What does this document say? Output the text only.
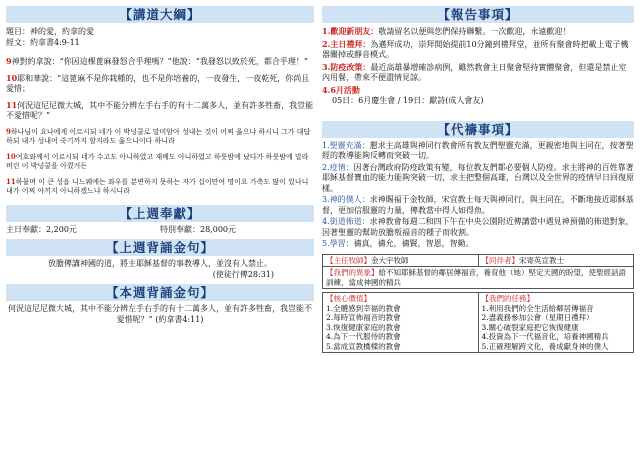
【講道大綱】

題目：神的愛，約拿的愛

經文：約拿書4:9-11

9神對約拿說：“你因這棵蓖麻發怒合乎理嗎？”他說：“我發怒以致於死，都合乎理！”
10耶和華說：“這蓖麻不是你栽種的，也不是你培養的，一夜發生，一夜乾死，你尚且愛惜；
11何況這尼尼微大城，其中不能分辨左手右手的有十二萬多人，並有許多牲畜，我豈能不愛惜呢？”
9하나님이 요나에게 이르시되 네가 이 박넝쿨로 말미암아 성내는 것이 어찌 옳으냐 하시니 그가 대답하되 내가 성내어 죽기까지 할지라도 옳으니이다 하니라
10여호와께서 이르시되 네가 수고도 아니하였고 재배도 아니하였고 하룻밤에 났다가 하룻밤에 말라 버린 이 박넝쿨을 아꼈거든
11하물며 이 큰 성읍 니느웨에는 좌우를 분변하지 못하는 자가 십이만여 명이요 가축도 많이 있나니 내가 어찌 아끼지 아니하겠느냐 하시니라
【上週奉獻】
主日奉獻：2,200元	特別奉獻：28,000元
【上週背誦金句】
放膽傳講神國的道，將主耶穌基督的事教導人，並沒有人禁止。
(使徒行傳28:31)
【本週背誦金句】
何況這尼尼微大城，其中不能分辨左手右手的有十二萬多人，並有許多牲畜，我豈能不愛惜呢？” (約拿書4:11)
【報告事項】
1.歡迎新朋友：敬請留名以便與您們保持聯繫。一次歡迎，永遠歡迎！
2.主日禮拜：為邁拜成功，崇拜開始提前10分鐘到禮拜堂，並所有聚會時把載上電子機器關掉或靜音模式。
3.防疫改策：最近高雄暴增確診病例，雖然教會主日聚會堅持實體聚會，但還是禁止室內用餐，帶來不便盡情見諒。
4.6月活動
05日：6月慶生會 / 19日：獻詩(成人會友)
【代禱事項】
1.聖靈充滿：懇求主高雄與神同行教會所有教友們聖靈充滿，更親密地與主同在，按著聖經的教導能夠反轉而突破一切。
2.疫情：因著台灣政府防疫政策有變，每位教友們都必要個人防疫。求主將神的百姓靠著耶穌基督寶血的能力能夠突破一切，求主把整個高雄，台灣以及全世界的疫情早日回復原樣。
3.神的僕人：求神賜福于金牧師，宋宜教士每天與神同行，與主同在，不斷地接近耶穌基督，更加信服靈的力量，傳教當中得人如得魚。
4.街道佈道：求神教會每週二和四下午在中央公園附近傳講當中遇見神預備的佈道對象，因著聖靈的幫助放膽叛福音的種子而收割。
5.學習：禱真，禱允，禱賢，智恩，智勤。
【主任牧師】金大宇牧師	【同伴者】宋寄英宣教士
【我們的異象】給不知耶穌基督的鄰居傳福音，養育他（她）堅定天國的盼望，使聖經話語訓練，當成神國的精兵
【核心價值】
1.全體感到幸福的教會
2.每時宣佈福音的教會
3.恢復健康家庭的教會
4.為下一代服侍的教會
5.當成宣教橋樑的教會

【我們的任務】
1.利用我們的全生活給鄰居傳福音
2.盡義務參加公會（星期日禮拜）
3.關心破裂家庭把它恢復健康
4.投資為下一代福音化，培養神國精兵
5.正確理解跨文化，養成獻身神的僕人
